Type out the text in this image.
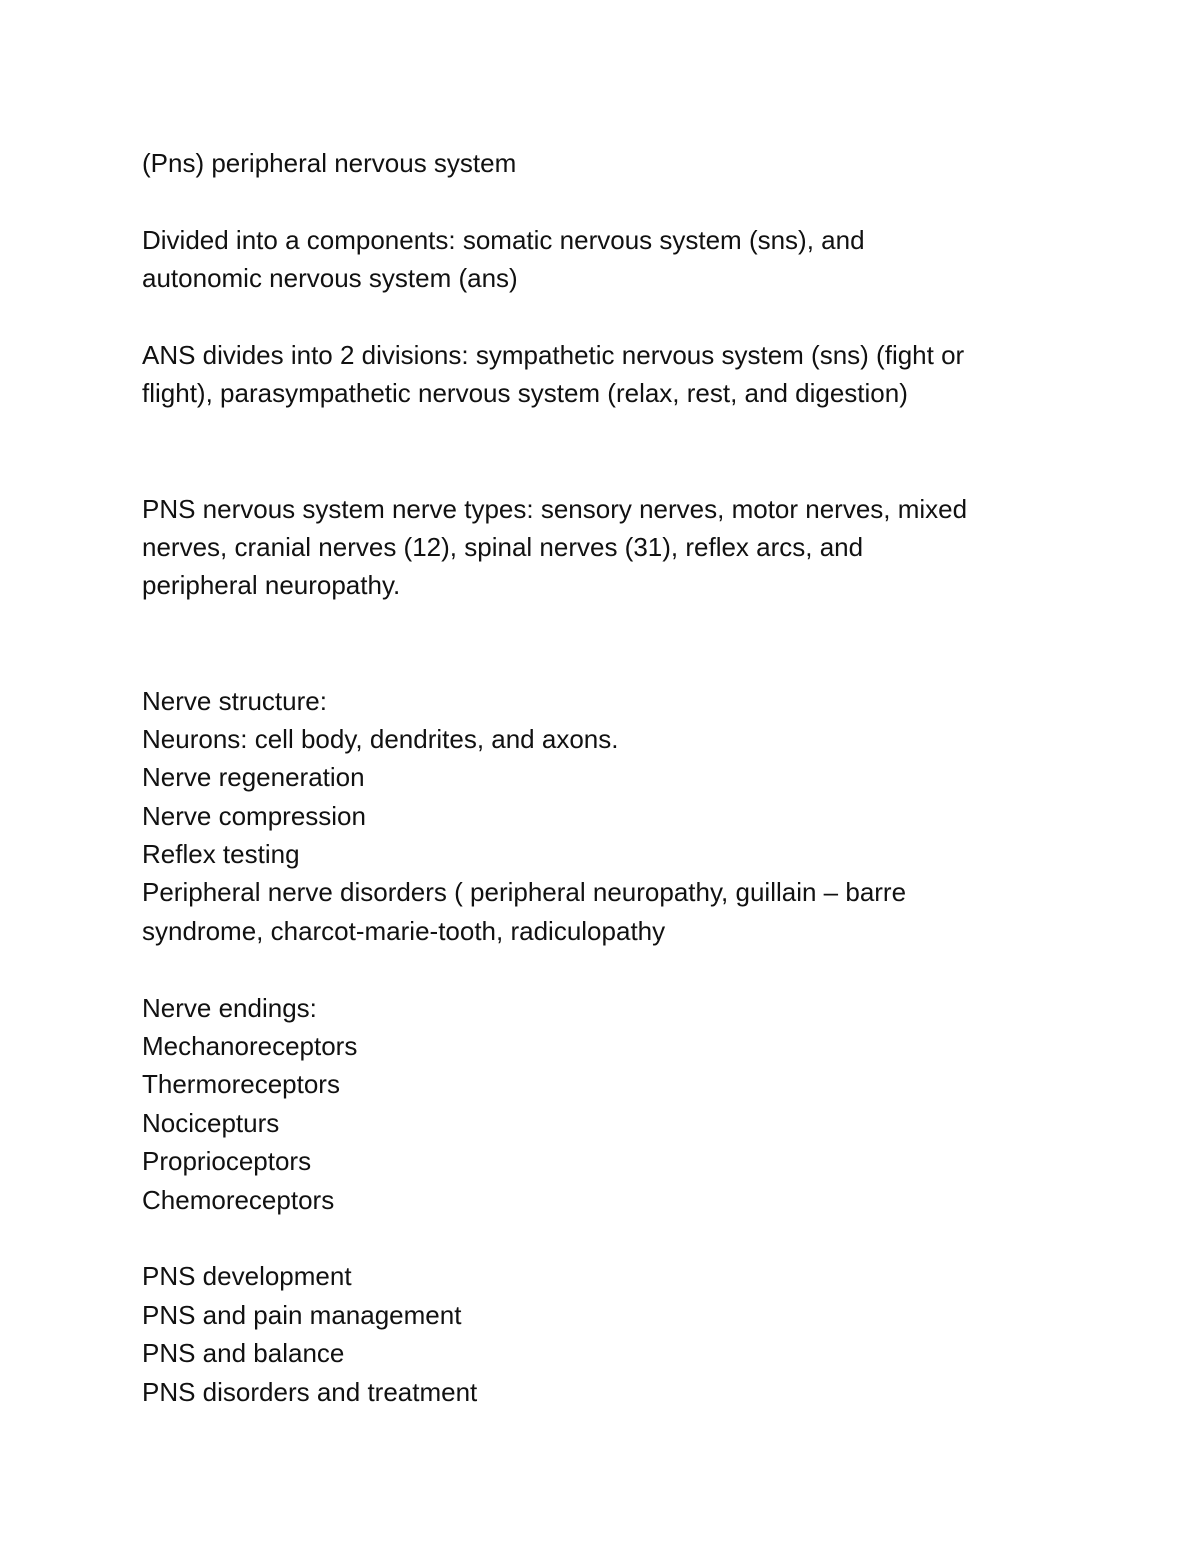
(Pns) peripheral nervous system
Divided into a components: somatic nervous system (sns), and
autonomic nervous system (ans)
ANS divides into 2 divisions: sympathetic nervous system (sns) (fight or
flight), parasympathetic nervous system (relax, rest, and digestion)
PNS nervous system nerve types: sensory nerves, motor nerves, mixed
nerves, cranial nerves (12), spinal nerves (31), reflex arcs, and
peripheral neuropathy.
Nerve structure:
Neurons: cell body, dendrites, and axons.
Nerve regeneration
Nerve compression
Reflex testing
Peripheral nerve disorders ( peripheral neuropathy, guillain – barre
syndrome, charcot-marie-tooth, radiculopathy
Nerve endings:
Mechanoreceptors
Thermoreceptors
Nocicepturs
Proprioceptors
Chemoreceptors
PNS development
PNS and pain management
PNS and balance
PNS disorders and treatment
